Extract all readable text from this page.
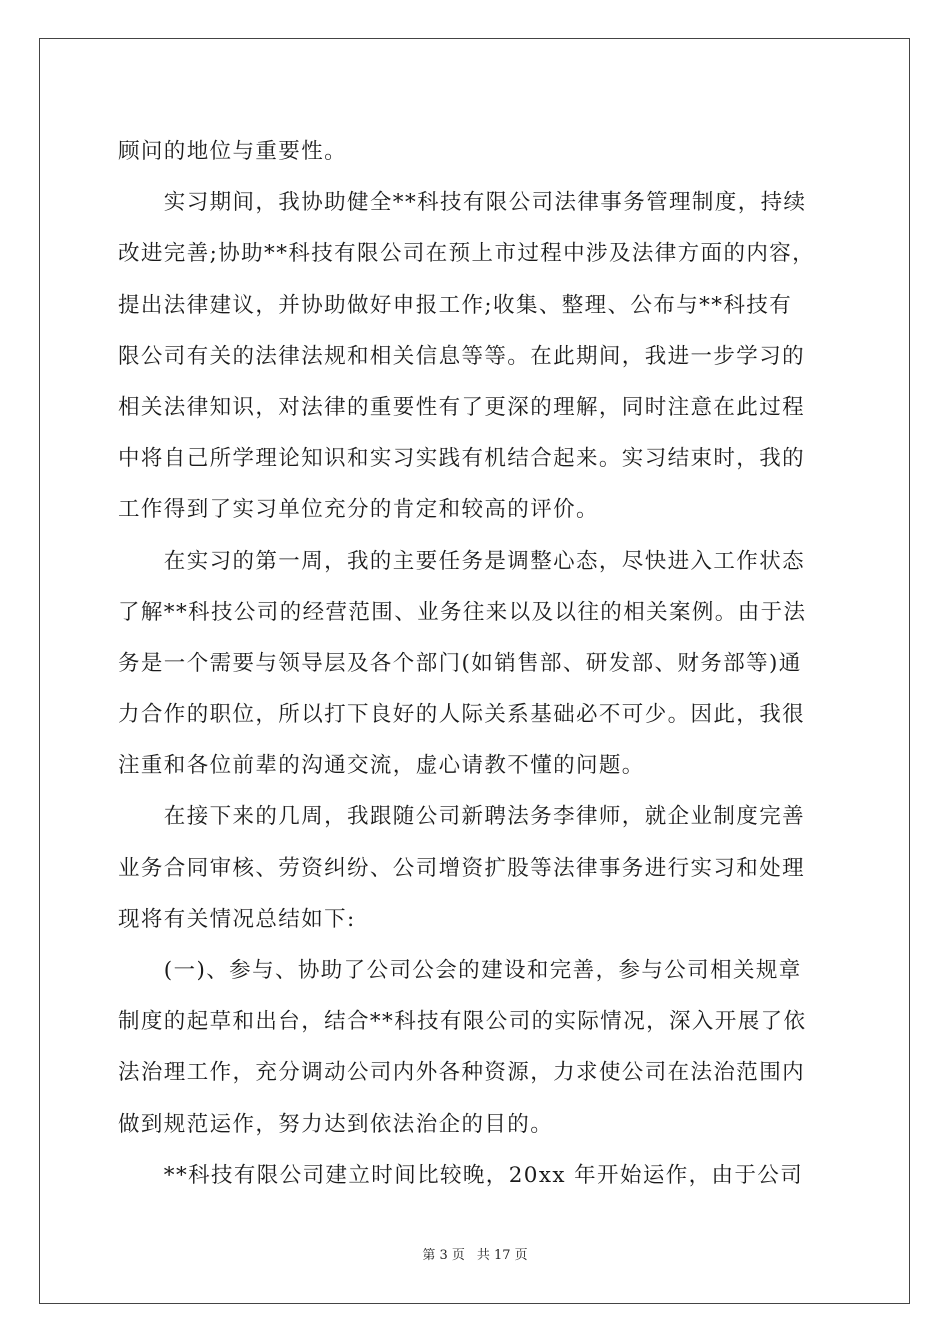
顾问的地位与重要性。
　　实习期间，我协助健全**科技有限公司法律事务管理制度，持续
改进完善;协助**科技有限公司在预上市过程中涉及法律方面的内容，
提出法律建议，并协助做好申报工作;收集、整理、公布与**科技有
限公司有关的法律法规和相关信息等等。在此期间，我进一步学习的
相关法律知识，对法律的重要性有了更深的理解，同时注意在此过程
中将自己所学理论知识和实习实践有机结合起来。实习结束时，我的
工作得到了实习单位充分的肯定和较高的评价。
　　在实习的第一周，我的主要任务是调整心态，尽快进入工作状态
了解**科技公司的经营范围、业务往来以及以往的相关案例。由于法
务是一个需要与领导层及各个部门(如销售部、研发部、财务部等)通
力合作的职位，所以打下良好的人际关系基础必不可少。因此，我很
注重和各位前辈的沟通交流，虚心请教不懂的问题。
　　在接下来的几周，我跟随公司新聘法务李律师，就企业制度完善
业务合同审核、劳资纠纷、公司增资扩股等法律事务进行实习和处理
现将有关情况总结如下:
　　(一)、参与、协助了公司公会的建设和完善，参与公司相关规章
制度的起草和出台，结合**科技有限公司的实际情况，深入开展了依
法治理工作，充分调动公司内外各种资源，力求使公司在法治范围内
做到规范运作，努力达到依法治企的目的。
　　**科技有限公司建立时间比较晚，20xx 年开始运作，由于公司
第 3 页 共 17 页
